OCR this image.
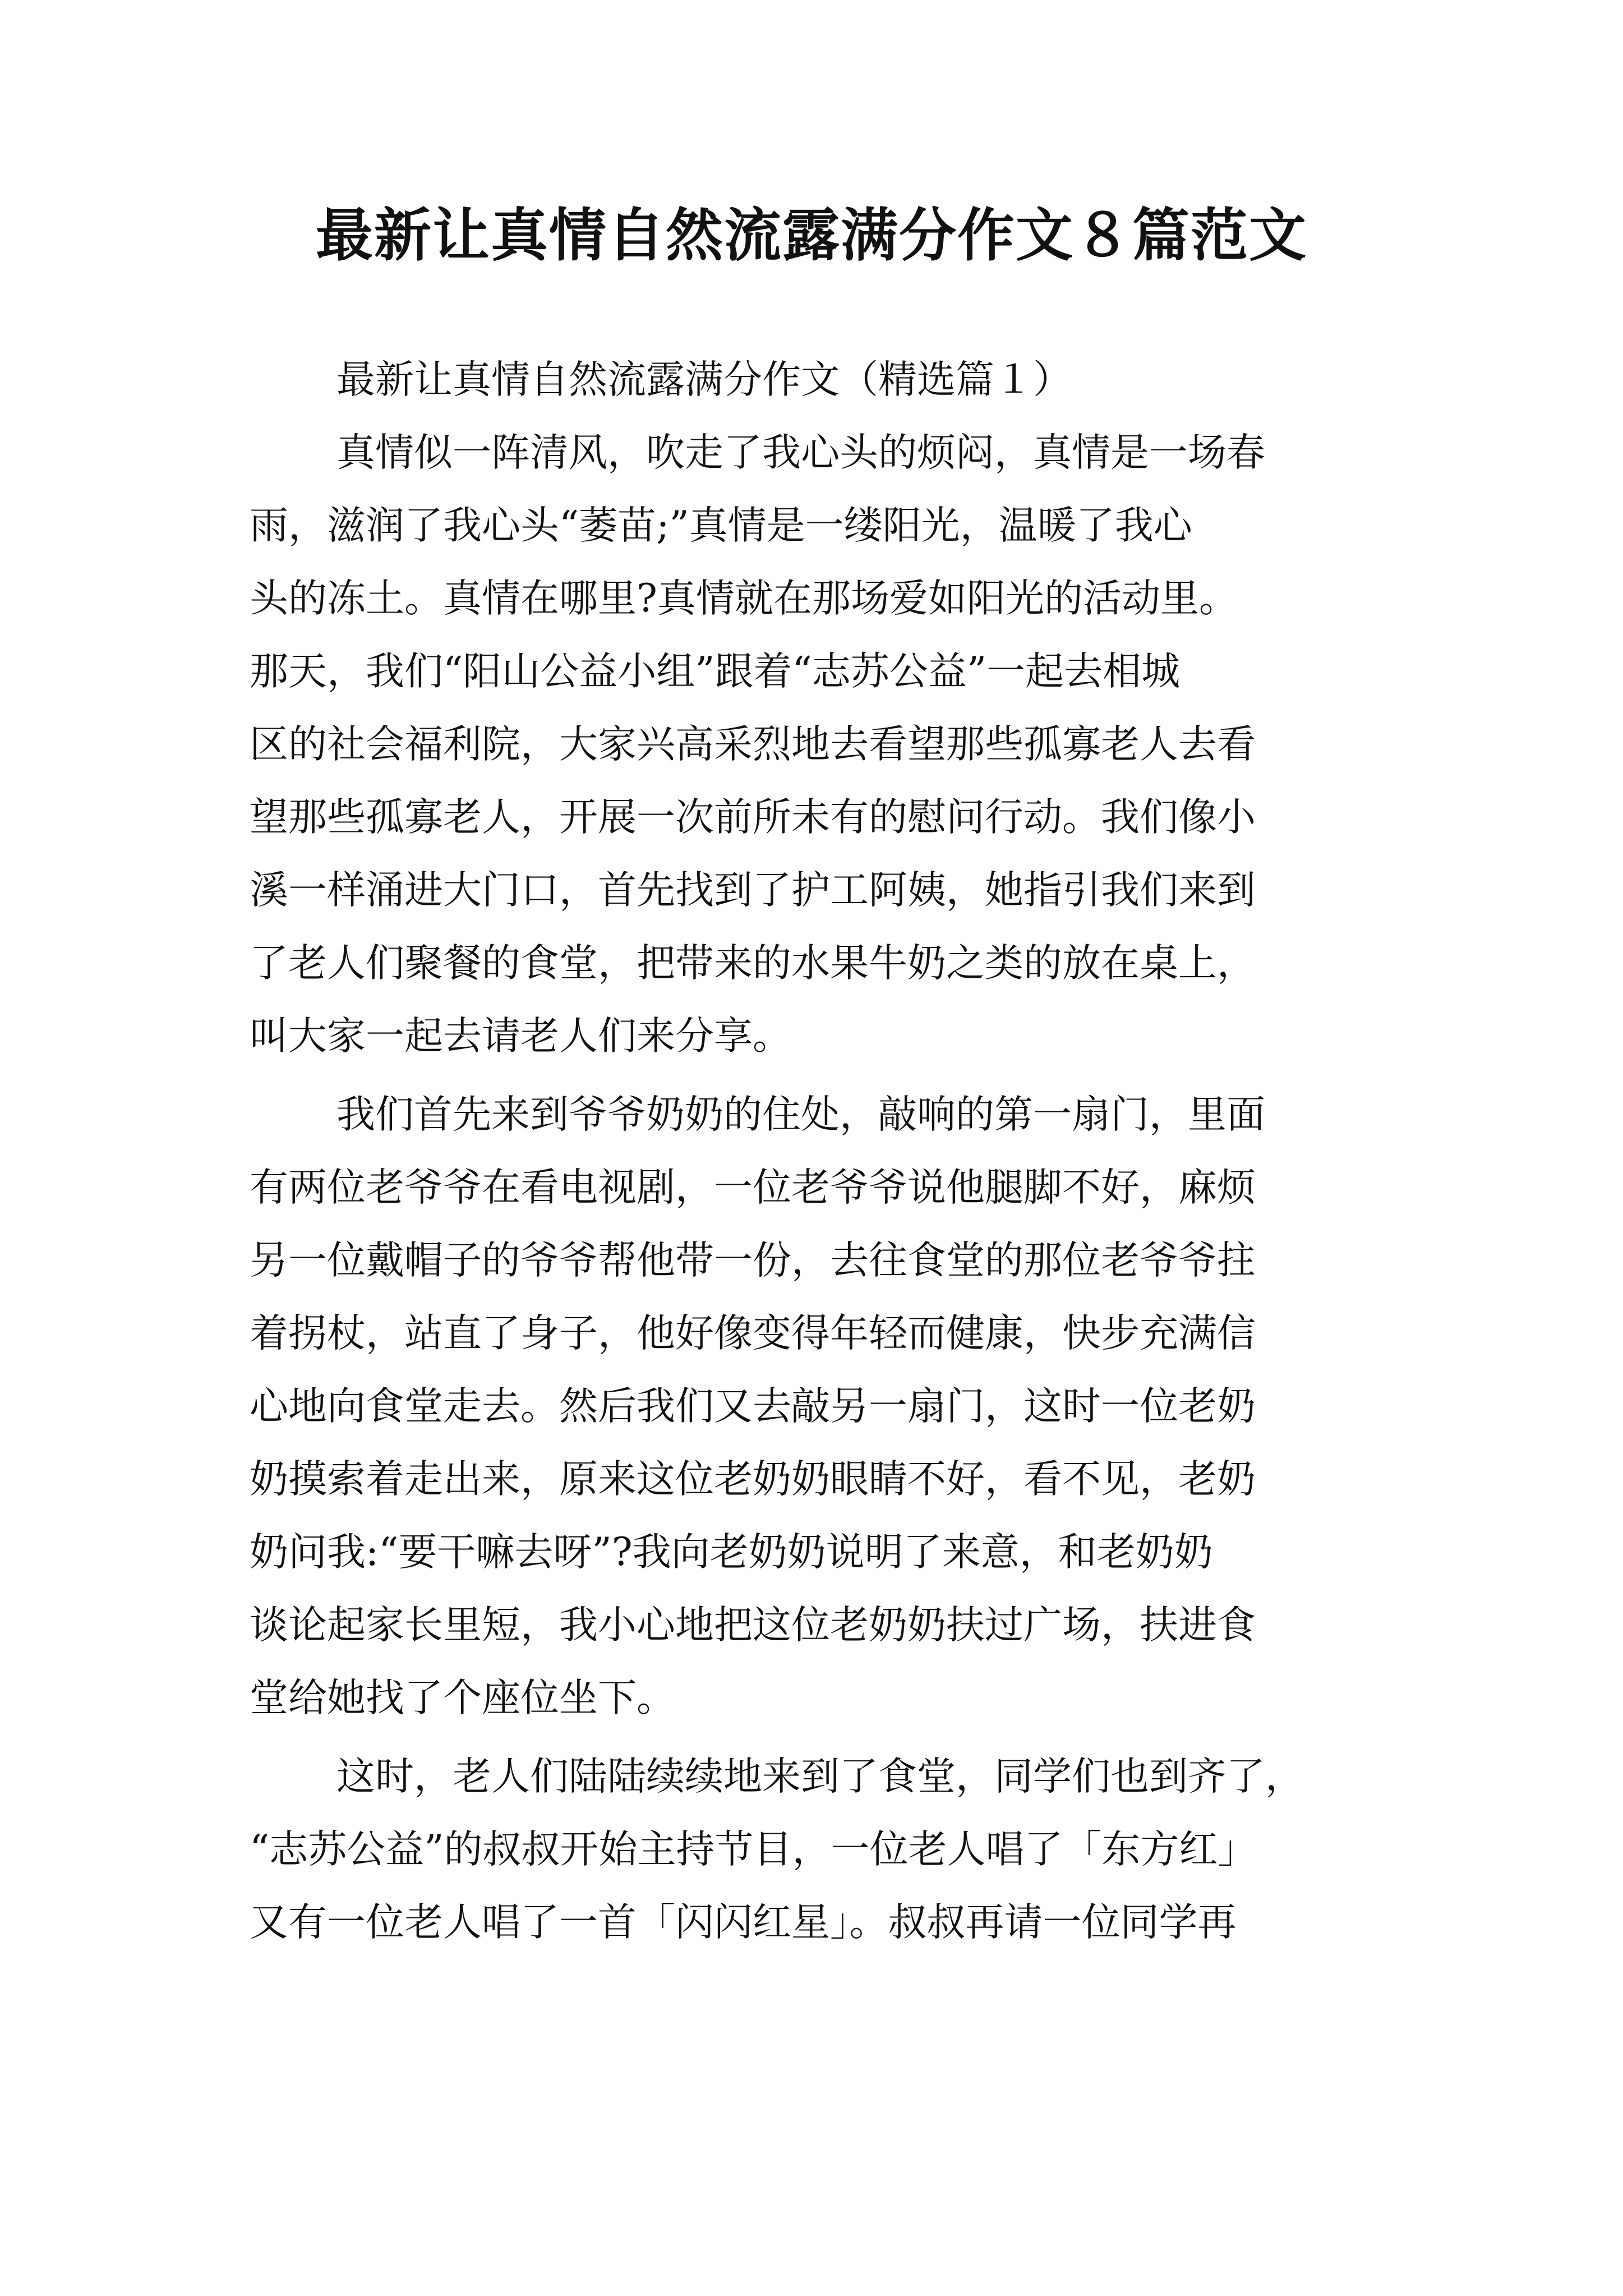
最新让真情自然流露满分作文８篇范文

最新让真情自然流露满分作文（精选篇１）

真情似一阵清风，吹走了我心头的烦闷，真情是一场春
雨，滋润了我心头“萎苗;”真情是一缕阳光，温暖了我心
头的冻土。真情在哪里?真情就在那场爱如阳光的活动里。
那天，我们“阳山公益小组”跟着“志苏公益”一起去相城
区的社会福利院，大家兴高采烈地去看望那些孤寡老人去看
望那些孤寡老人，开展一次前所未有的慰问行动。我们像小
溪一样涌进大门口，首先找到了护工阿姨，她指引我们来到
了老人们聚餐的食堂，把带来的水果牛奶之类的放在桌上，
叫大家一起去请老人们来分享。

我们首先来到爷爷奶奶的住处，敲响的第一扇门，里面
有两位老爷爷在看电视剧，一位老爷爷说他腿脚不好，麻烦
另一位戴帽子的爷爷帮他带一份，去往食堂的那位老爷爷拄
着拐杖，站直了身子，他好像变得年轻而健康，快步充满信
心地向食堂走去。然后我们又去敲另一扇门，这时一位老奶
奶摸索着走出来，原来这位老奶奶眼睛不好，看不见，老奶
奶问我:“要干嘛去呀”?我向老奶奶说明了来意，和老奶奶
谈论起家长里短，我小心地把这位老奶奶扶过广场，扶进食
堂给她找了个座位坐下。

这时，老人们陆陆续续地来到了食堂，同学们也到齐了，
“志苏公益”的叔叔开始主持节目，一位老人唱了「东方红」
又有一位老人唱了一首「闪闪红星」。叔叔再请一位同学再
